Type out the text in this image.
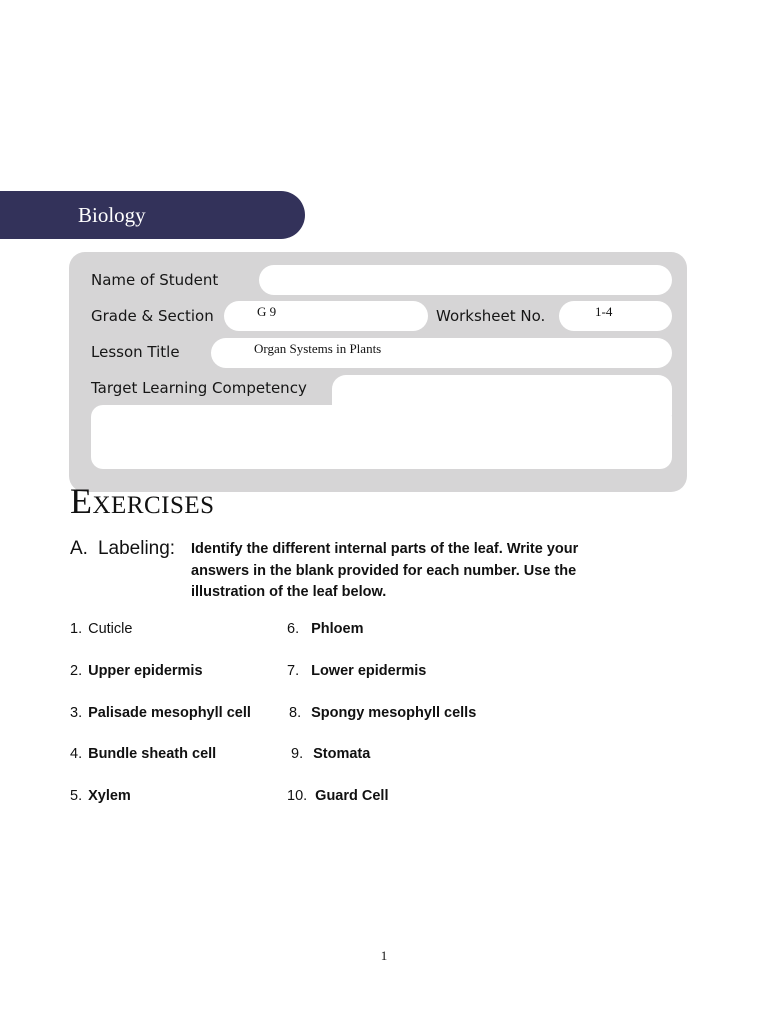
Biology
Name of Student
Grade & Section	G 9	Worksheet No.	1-4
Lesson Title	Organ Systems in Plants
Target Learning Competency
Exercises
A. Labeling: Identify the different internal parts of the leaf. Write your answers in the blank provided for each number. Use the illustration of the leaf below.
1. Cuticle
2. Upper epidermis
3. Palisade mesophyll cell
4. Bundle sheath cell
5. Xylem
6. Phloem
7. Lower epidermis
8. Spongy mesophyll cells
9. Stomata
10. Guard Cell
1
